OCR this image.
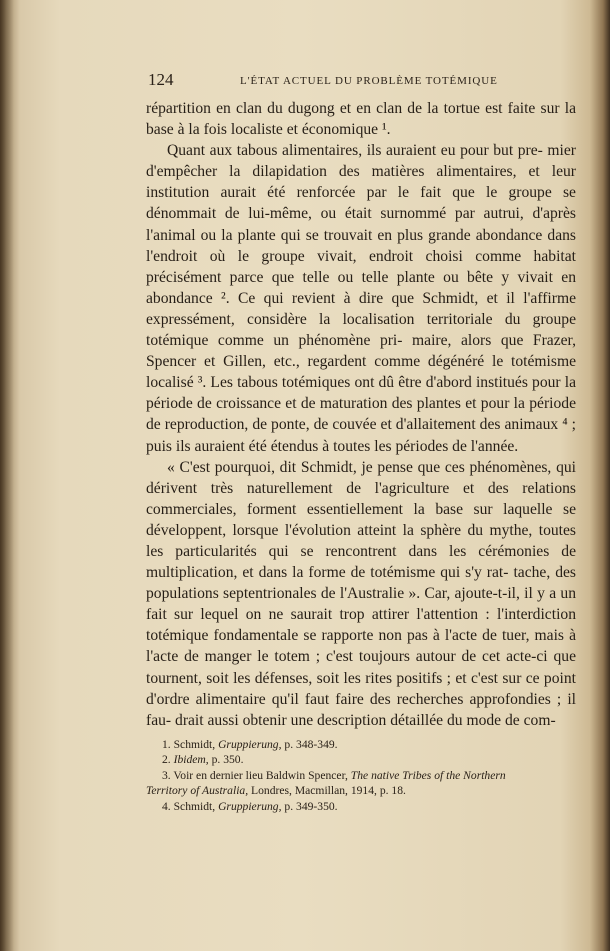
124	L'ÉTAT ACTUEL DU PROBLÈME TOTÉMIQUE

répartition en clan du dugong et en clan de la tortue est faite sur la base à la fois localiste et économique ¹.

Quant aux tabous alimentaires, ils auraient eu pour but pre- mier d'empêcher la dilapidation des matières alimentaires, et leur institution aurait été renforcée par le fait que le groupe se dénommait de lui-même, ou était surnommé par autrui, d'après l'animal ou la plante qui se trouvait en plus grande abondance dans l'endroit où le groupe vivait, endroit choisi comme habitat précisément parce que telle ou telle plante ou bête y vivait en abondance ². Ce qui revient à dire que Schmidt, et il l'affirme expressément, considère la localisation territoriale du groupe totémique comme un phénomène pri- maire, alors que Frazer, Spencer et Gillen, etc., regardent comme dégénéré le totémisme localisé ³. Les tabous totémiques ont dû être d'abord institués pour la période de croissance et de maturation des plantes et pour la période de reproduction, de ponte, de couvée et d'allaitement des animaux ⁴ ; puis ils auraient été étendus à toutes les périodes de l'année.

« C'est pourquoi, dit Schmidt, je pense que ces phénomènes, qui dérivent très naturellement de l'agriculture et des relations commerciales, forment essentiellement la base sur laquelle se développent, lorsque l'évolution atteint la sphère du mythe, toutes les particularités qui se rencontrent dans les cérémonies de multiplication, et dans la forme de totémisme qui s'y rat- tache, des populations septentrionales de l'Australie ». Car, ajoute-t-il, il y a un fait sur lequel on ne saurait trop attirer l'attention : l'interdiction totémique fondamentale se rapporte non pas à l'acte de tuer, mais à l'acte de manger le totem ; c'est toujours autour de cet acte-ci que tournent, soit les défenses, soit les rites positifs ; et c'est sur ce point d'ordre alimentaire qu'il faut faire des recherches approfondies ; il fau- drait aussi obtenir une description détaillée du mode de com-

1. Schmidt, Gruppierung, p. 348-349.
2. Ibidem, p. 350.
3. Voir en dernier lieu Baldwin Spencer, The native Tribes of the Northern
Territory of Australia, Londres, Macmillan, 1914, p. 18.
4. Schmidt, Gruppierung, p. 349-350.
